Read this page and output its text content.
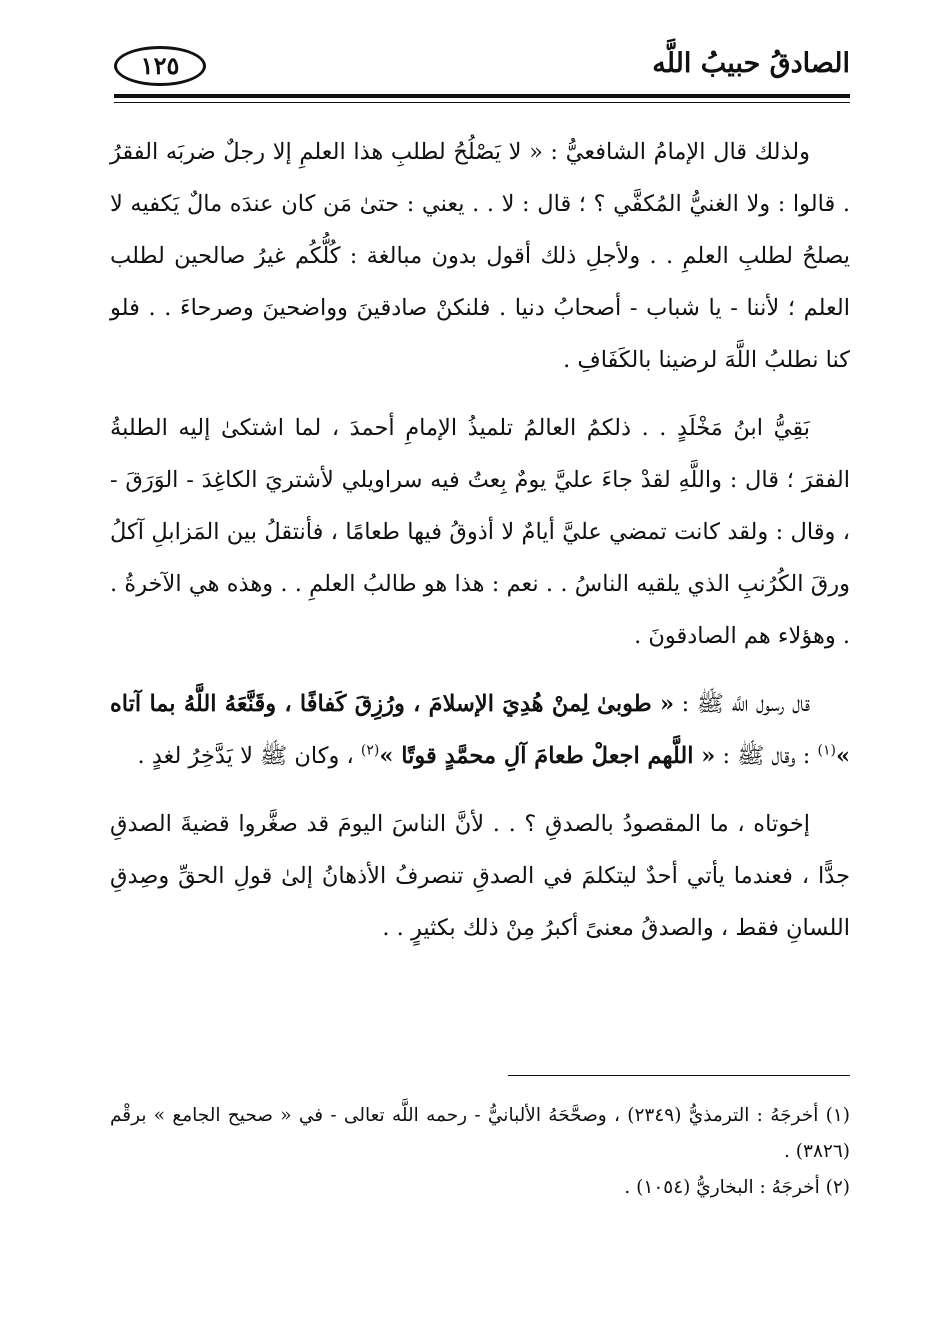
الصادقُ حبيبُ اللَّه
١٢٥

ولذلك قال الإمامُ الشافعيُّ : « لا يَصْلُحُ لطلبِ هذا العلمِ إلا رجلٌ ضربَه الفقرُ . قالوا : ولا الغنيُّ المُكفَّي ؟ ؛ قال : لا . . يعني : حتىٰ مَن كان عندَه مالٌ يَكفيه لا يصلحُ لطلبِ العلمِ . . ولأجلِ ذلك أقول بدون مبالغة : كُلُّكُم غيرُ صالحين لطلب العلم ؛ لأننا - يا شباب - أصحابُ دنيا . فلنكنْ صادقينَ وواضحينَ وصرحاءَ . . فلو كنا نطلبُ اللَّهَ لرضينا بالكَفَافِ .

بَقِيُّ ابنُ مَخْلَدٍ . . ذلكمُ العالمُ تلميذُ الإمامِ أحمدَ ، لما اشتكىٰ إليه الطلبةُ الفقرَ ؛ قال : واللَّهِ لقدْ جاءَ عليَّ يومٌ بِعتُ فيه سراويلي لأشتريَ الكاغِدَ - الوَرَقَ - ، وقال : ولقد كانت تمضي عليَّ أيامٌ لا أذوقُ فيها طعامًا ، فأنتقلُ بين المَزابلِ آكلُ ورقَ الكُرُنبِ الذي يلقيه الناسُ . . نعم : هذا هو طالبُ العلمِ . . وهذه هي الآخرةُ . . وهؤلاء هم الصادقونَ .

قال رسول اللَّه ﷺ : « طوبىٰ لِمنْ هُدِيَ الإسلامَ ، ورُزِقَ كَفافًا ، وقَنَّعَهُ اللَّهُ بما آتاه »$^{(١)}$ : وقال ﷺ : « اللَّهم اجعلْ طعامَ آلِ محمَّدٍ قوتًا »$^{(٢)}$ ، وكان ﷺ لا يَدَّخِرُ لغدٍ .

إخوتاه ، ما المقصودُ بالصدقِ ؟ . . لأنَّ الناسَ اليومَ قد صغَّروا قضيةَ الصدقِ جدًّا ، فعندما يأتي أحدٌ ليتكلمَ في الصدقِ تنصرفُ الأذهانُ إلىٰ قولِ الحقِّ وصِدقِ اللسانِ فقط ، والصدقُ معنىً أكبرُ مِنْ ذلك بكثيرٍ . .

(١) أخرجَهُ : الترمذيُّ (٢٣٤٩) ، وصحَّحَهُ الألبانيُّ - رحمه اللَّه تعالى - في « صحيح الجامع » برقْم (٣٨٢٦) .

(٢) أخرجَهُ : البخاريُّ (١٠٥٤) .
